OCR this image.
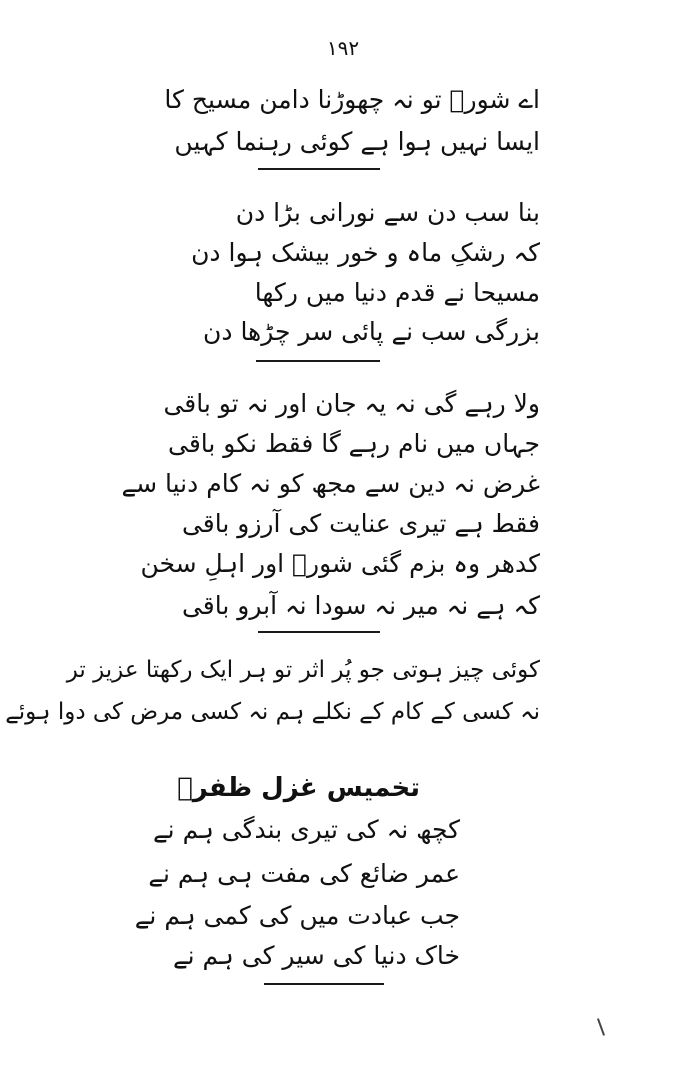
۱۹۲
اے شورؔ تو نہ چھوڑنا دامن مسیح کا
ایسا نہیں ہوا ہے کوئی رہنما کہیں
بنا سب دن سے نورانی بڑا دن
کہ رشکِ ماہ و خور بیشک ہوا دن
مسیحا نے قدم دنیا میں رکھا
بزرگی سب نے پائی سر چڑھا دن
ولا رہے گی نہ یہ جان اور نہ تو باقی
جہاں میں نام رہے گا فقط نکو باقی
غرض نہ دین سے مجھ کو نہ کام دنیا سے
فقط ہے تیری عنایت کی آرزو باقی
کدھر وہ بزم گئی شورؔ اور اہلِ سخن
کہ ہے نہ میر نہ سودا نہ آبرو باقی
کوئی چیز ہوتی جو پُر اثر تو ہر ایک رکھتا عزیز تر
نہ کسی کے کام کے نکلے ہم نہ کسی مرض کی دوا ہوئے
تخمیس غزل ظفرؔ
کچھ نہ کی تیری بندگی ہم نے
عمر ضائع کی مفت ہی ہم نے
جب عبادت میں کی کمی ہم نے
خاک دنیا کی سیر کی ہم نے
